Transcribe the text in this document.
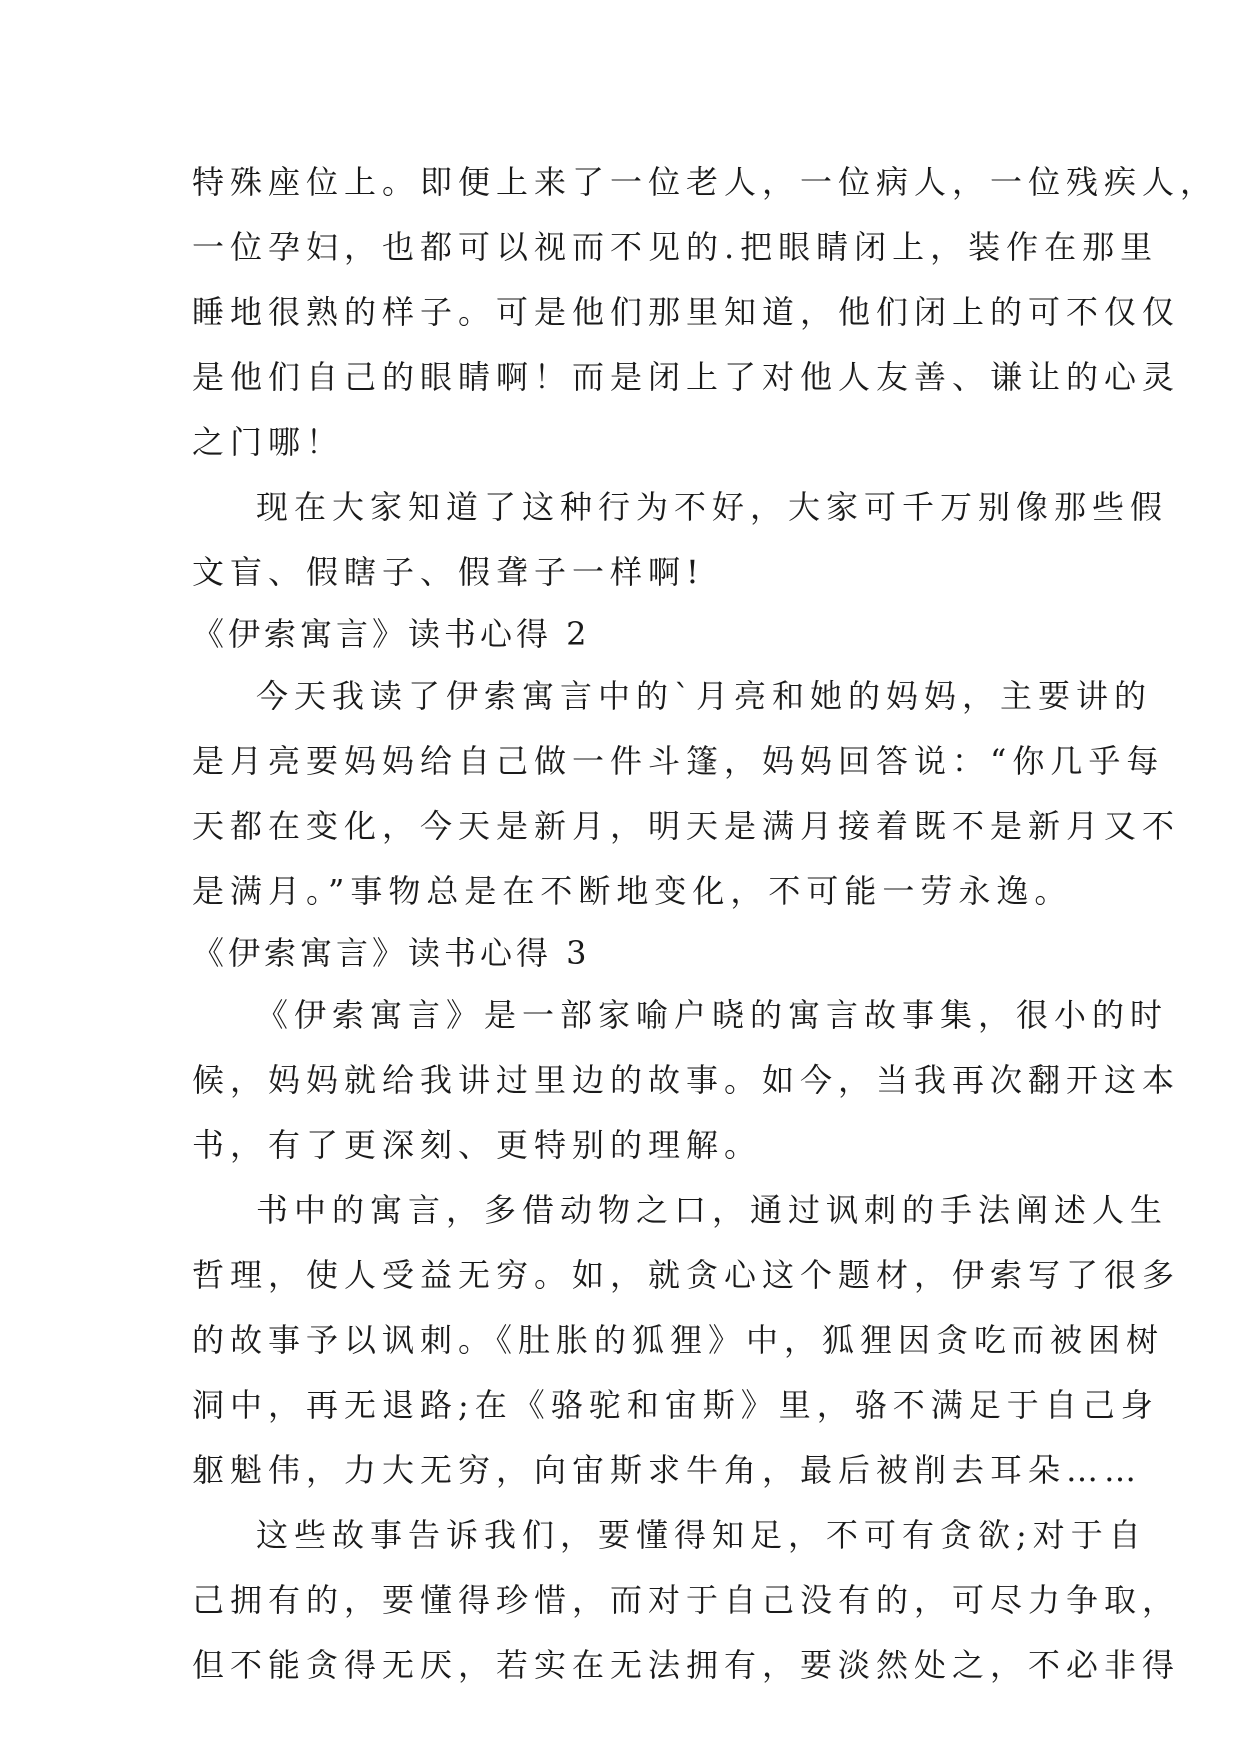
特殊座位上。即便上来了一位老人，一位病人，一位残疾人，
一位孕妇，也都可以视而不见的.把眼睛闭上，装作在那里
睡地很熟的样子。可是他们那里知道，他们闭上的可不仅仅
是他们自己的眼睛啊！而是闭上了对他人友善、谦让的心灵
之门哪！
现在大家知道了这种行为不好，大家可千万别像那些假
文盲、假瞎子、假聋子一样啊!
《伊索寓言》读书心得 2
今天我读了伊索寓言中的`月亮和她的妈妈，主要讲的
是月亮要妈妈给自己做一件斗篷，妈妈回答说：“你几乎每
天都在变化，今天是新月，明天是满月接着既不是新月又不
是满月。”事物总是在不断地变化，不可能一劳永逸。
《伊索寓言》读书心得 3
《伊索寓言》是一部家喻户晓的寓言故事集，很小的时
候，妈妈就给我讲过里边的故事。如今，当我再次翻开这本
书，有了更深刻、更特别的理解。
书中的寓言，多借动物之口，通过讽刺的手法阐述人生
哲理，使人受益无穷。如，就贪心这个题材，伊索写了很多
的故事予以讽刺。《肚胀的狐狸》中，狐狸因贪吃而被困树
洞中，再无退路;在《骆驼和宙斯》里，骆不满足于自己身
躯魁伟，力大无穷，向宙斯求牛角，最后被削去耳朵……
这些故事告诉我们，要懂得知足，不可有贪欲;对于自
己拥有的，要懂得珍惜，而对于自己没有的，可尽力争取，
但不能贪得无厌，若实在无法拥有，要淡然处之，不必非得
